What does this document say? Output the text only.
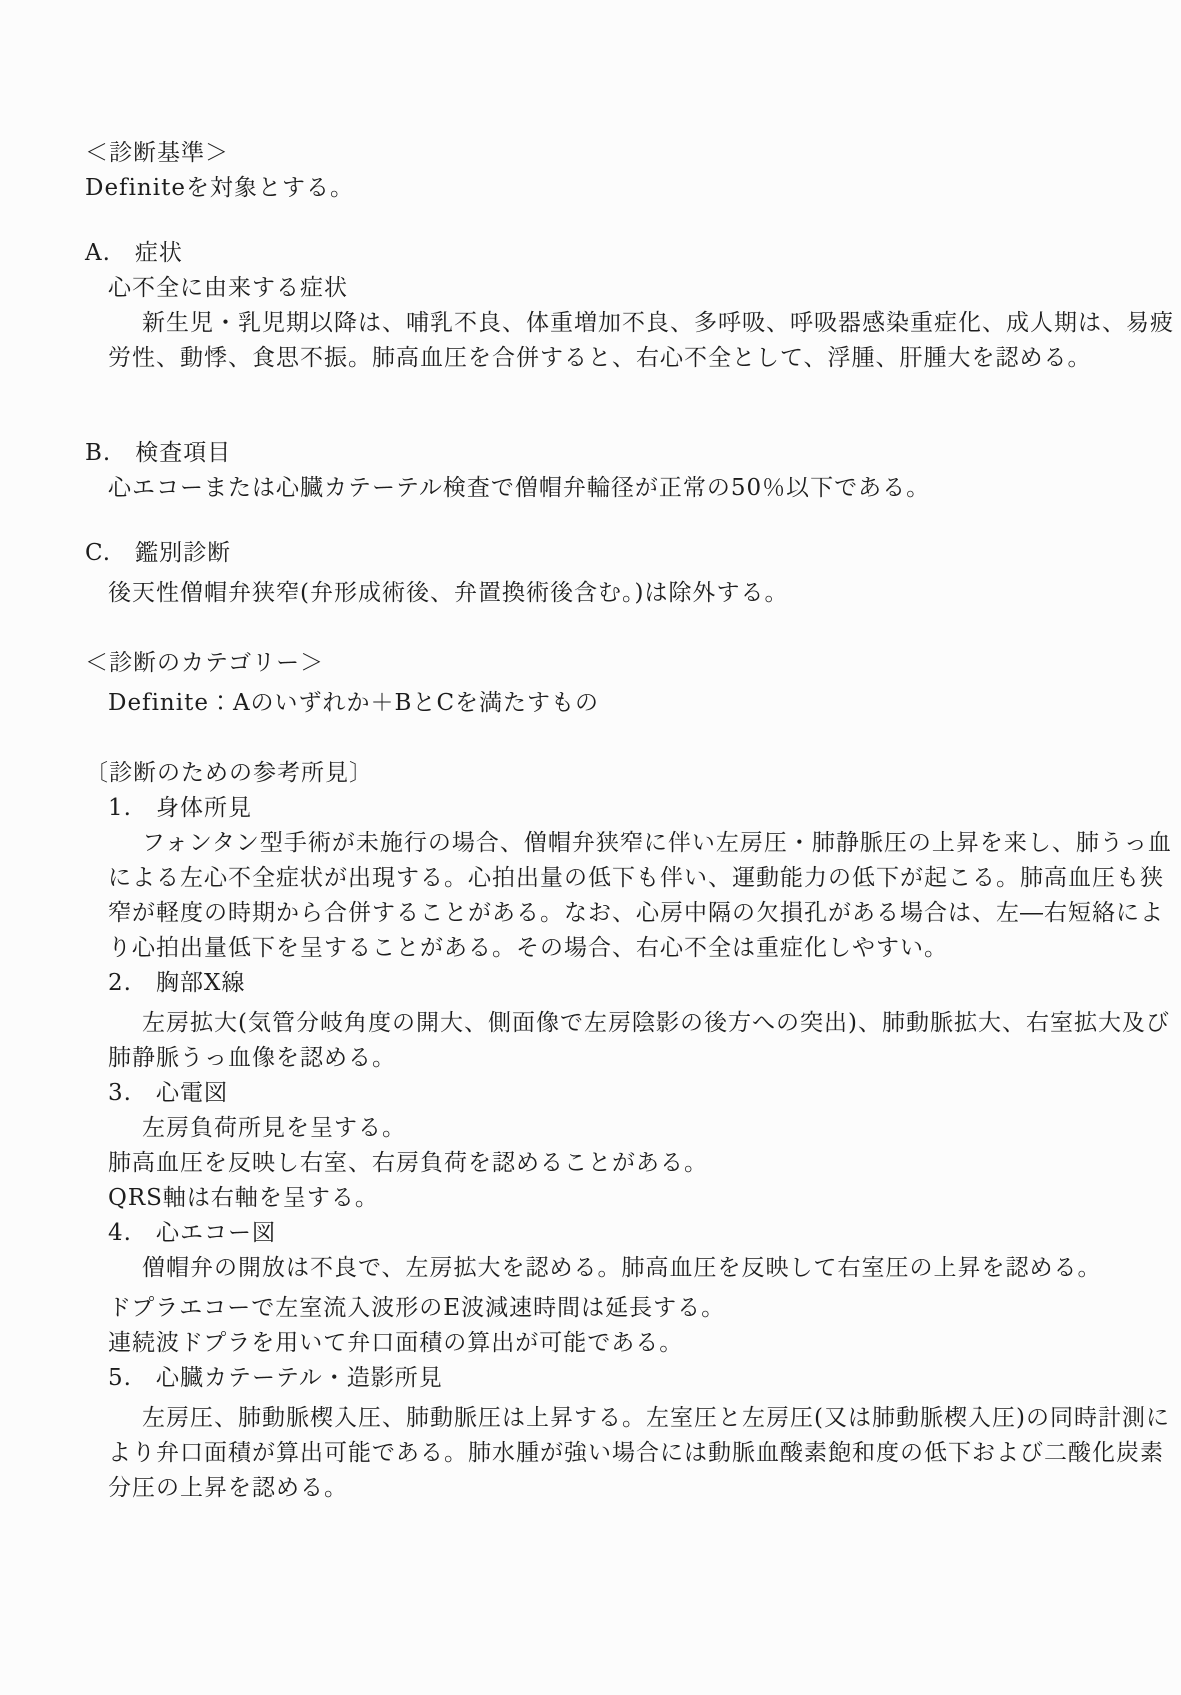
＜診断基準＞
Definiteを対象とする。
A.　症状
心不全に由来する症状
新生児・乳児期以降は、哺乳不良、体重増加不良、多呼吸、呼吸器感染重症化、成人期は、易疲
労性、動悸、食思不振。肺高血圧を合併すると、右心不全として、浮腫、肝腫大を認める。
B.　検査項目
心エコーまたは心臓カテーテル検査で僧帽弁輪径が正常の50％以下である。
C.　鑑別診断
後天性僧帽弁狭窄(弁形成術後、弁置換術後含む。)は除外する。
＜診断のカテゴリー＞
Definite：Aのいずれか＋BとCを満たすもの
〔診断のための参考所見〕
1.　身体所見
フォンタン型手術が未施行の場合、僧帽弁狭窄に伴い左房圧・肺静脈圧の上昇を来し、肺うっ血
による左心不全症状が出現する。心拍出量の低下も伴い、運動能力の低下が起こる。肺高血圧も狭
窄が軽度の時期から合併することがある。なお、心房中隔の欠損孔がある場合は、左―右短絡によ
り心拍出量低下を呈することがある。その場合、右心不全は重症化しやすい。
2.　胸部X線
左房拡大(気管分岐角度の開大、側面像で左房陰影の後方への突出)、肺動脈拡大、右室拡大及び
肺静脈うっ血像を認める。
3.　心電図
左房負荷所見を呈する。
肺高血圧を反映し右室、右房負荷を認めることがある。
QRS軸は右軸を呈する。
4.　心エコー図
僧帽弁の開放は不良で、左房拡大を認める。肺高血圧を反映して右室圧の上昇を認める。
ドプラエコーで左室流入波形のE波減速時間は延長する。
連続波ドプラを用いて弁口面積の算出が可能である。
5.　心臓カテーテル・造影所見
左房圧、肺動脈楔入圧、肺動脈圧は上昇する。左室圧と左房圧(又は肺動脈楔入圧)の同時計測に
より弁口面積が算出可能である。肺水腫が強い場合には動脈血酸素飽和度の低下および二酸化炭素
分圧の上昇を認める。
